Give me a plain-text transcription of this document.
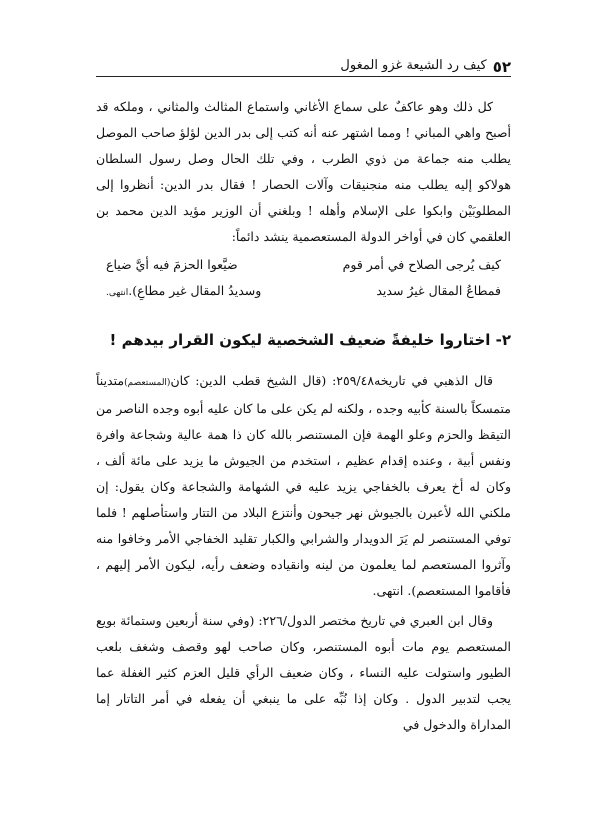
٥٢
كيف رد الشيعة غزو المغول

كل ذلك وهو عاكفٌ على سماع الأغاني واستماع المثالث والمثاني ، وملكه قد أصبح واهي المباني ! ومما اشتهر عنه أنه كتب إلى بدر الدين لؤلؤ صاحب الموصل يطلب منه جماعة من ذوي الطرب ، وفي تلك الحال وصل رسول السلطان هولاكو إليه يطلب منه منجنيقات وآلات الحصار ! فقال بدر الدين: أنظروا إلى المطلوبَيْن وابكوا على الإسلام وأهله ! وبلغني أن الوزير مؤيد الدين محمد بن العلقمي كان في أواخر الدولة المستعصمية ينشد دائماً:

كيف يُرجى الصلاح في أمر قوم
ضيَّعوا الحزمَ فيه أيَّ ضياع
فمطاعُ المقال غيرُ سديد
وسديدُ المقال غير مطاعِ).انتهى.
٢- اختاروا خليفةً ضعيف الشخصية ليكون القرار بيدهم !

قال الذهبي في تاريخه٢٥٩/٤٨: (قال الشيخ قطب الدين: كان(المستعصم)متديناً متمسكاً بالسنة كأبيه وجده ، ولكنه لم يكن على ما كان عليه أبوه وجده الناصر من التيقظ والحزم وعلو الهمة فإن المستنصر بالله كان ذا همة عالية وشجاعة وافرة ونفس أبية ، وعنده إقدام عظيم ، استخدم من الجيوش ما يزيد على مائة ألف ، وكان له أخ يعرف بالخفاجي يزيد عليه في الشهامة والشجاعة وكان يقول: إن ملكني الله لأعبرن بالجيوش نهر جيحون وأنتزع البلاد من التتار واستأصلهم ! فلما توفي المستنصر لم يَرَ الدويدار والشرابي والكبار تقليد الخفاجي الأمر وخافوا منه وآثروا المستعصم لما يعلمون من لينه وانقياده وضعف رأيه، ليكون الأمر إليهم ، فأقاموا المستعصم). انتهى.

وقال ابن العبري في تاريخ مختصر الدول/٢٢٦: (وفي سنة أربعين وستمائة بويع المستعصم يوم مات أبوه المستنصر، وكان صاحب لهو وقصف وشغف بلعب الطيور واستولت عليه النساء ، وكان ضعيف الرأي قليل العزم كثير الغفلة عما يجب لتدبير الدول . وكان إذا نُبِّه على ما ينبغي أن يفعله في أمر التاتار إما المداراة والدخول في
